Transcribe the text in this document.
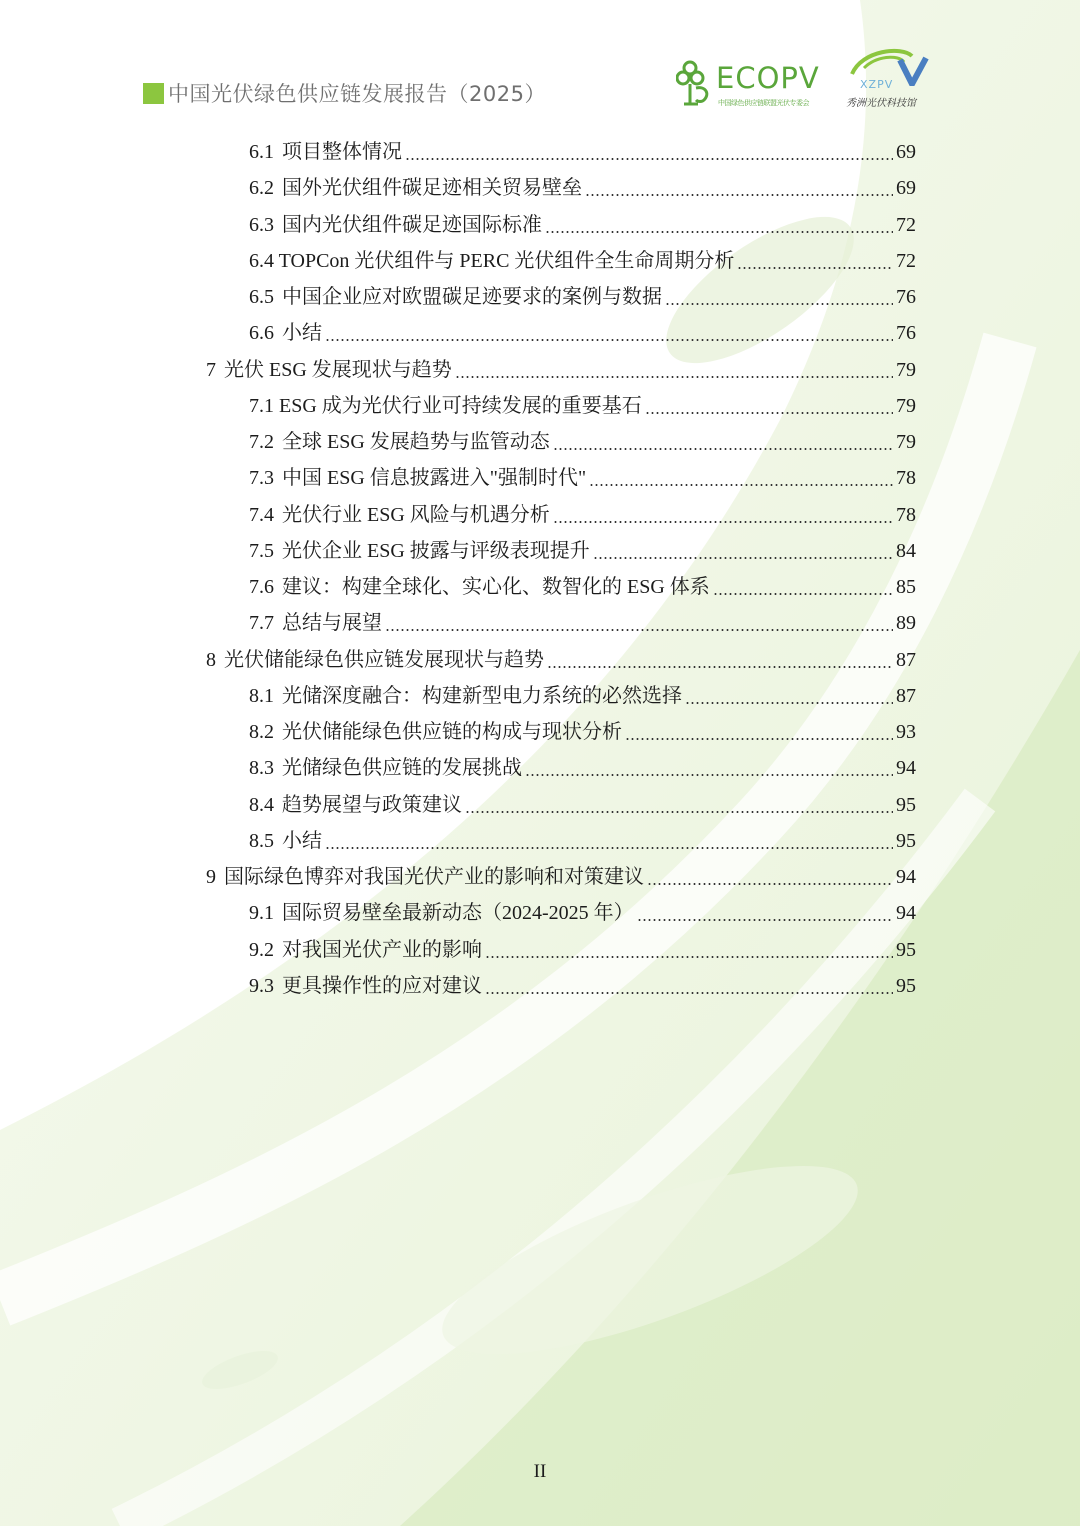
中国光伏绿色供应链发展报告（2025）	ECOPV
中国绿色供应链联盟光伏专委会
XZPV
秀洲光伏科技馆
6.1 项目整体情况	69
6.2 国外光伏组件碳足迹相关贸易壁垒	69
6.3 国内光伏组件碳足迹国际标准	72
6.4 TOPCon 光伏组件与 PERC 光伏组件全生命周期分析	72
6.5 中国企业应对欧盟碳足迹要求的案例与数据	76
6.6 小结	76
7 光伏 ESG 发展现状与趋势	79
7.1 ESG 成为光伏行业可持续发展的重要基石	79
7.2 全球 ESG 发展趋势与监管动态	79
7.3 中国 ESG 信息披露进入"强制时代"	78
7.4 光伏行业 ESG 风险与机遇分析	78
7.5 光伏企业 ESG 披露与评级表现提升	84
7.6 建议：构建全球化、实心化、数智化的 ESG 体系	85
7.7 总结与展望	89
8 光伏储能绿色供应链发展现状与趋势	87
8.1 光储深度融合：构建新型电力系统的必然选择	87
8.2 光伏储能绿色供应链的构成与现状分析	93
8.3 光储绿色供应链的发展挑战	94
8.4 趋势展望与政策建议	95
8.5 小结	95
9 国际绿色博弈对我国光伏产业的影响和对策建议	94
9.1 国际贸易壁垒最新动态（2024-2025 年）	94
9.2 对我国光伏产业的影响	95
9.3 更具操作性的应对建议	95
II
